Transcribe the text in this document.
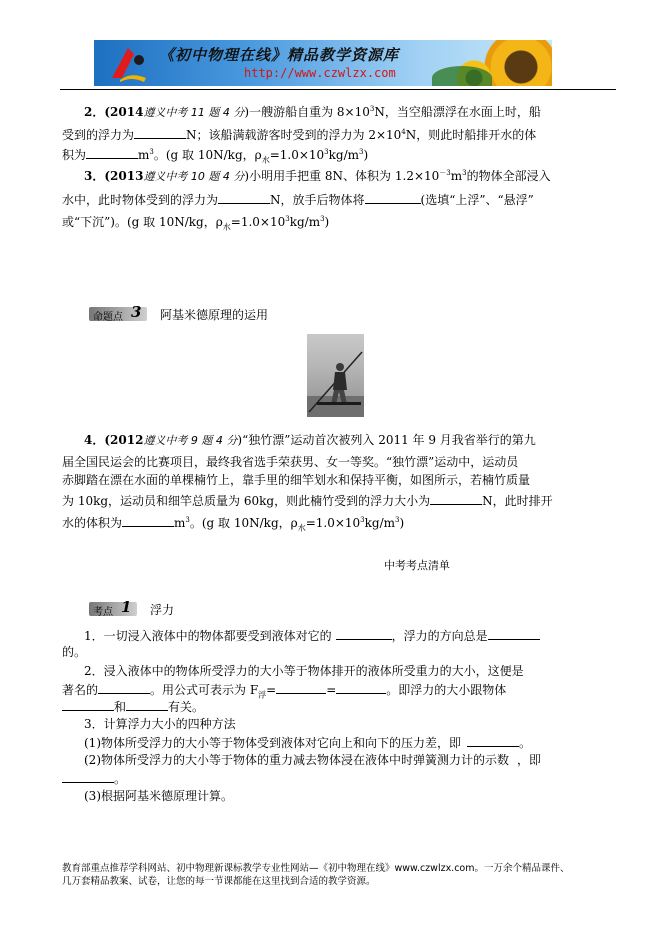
《初中物理在线》精品教学资源库
http://www.czwlzx.com
2．(2014遵义中考 11 题 4 分)一艘游船自重为 $8\times 10^3N$，当空船漂浮在水面上时，船
受到的浮力为	N；该船满载游客时受到的浮力为 $2\times 10^4N$，则此时船排开水的体
积为	$m^3$。(g 取 10N/kg，$\rho_水=1.0\times 10^3kg/m^3$)
3．(2013遵义中考 10 题 4 分)小明用手把重 8N、体积为 $1.2\times 10^{-3}m^3$的物体全部浸入
水中，此时物体受到的浮力为	N，放手后物体将	(选填“上浮”、“悬浮”
或“下沉”)。(g 取 10N/kg，$\rho_水=1.0\times 10^3kg/m^3$)
命题点 3 阿基米德原理的运用
4．(2012遵义中考 9 题 4 分)“独竹漂”运动首次被列入 2011 年 9 月我省举行的第九
届全国民运会的比赛项目，最终我省选手荣获男、女一等奖。“独竹漂”运动中，运动员
赤脚踏在漂在水面的单棵楠竹上，靠手里的细竿划水和保持平衡，如图所示，若楠竹质量
为 10kg，运动员和细竿总质量为 60kg，则此楠竹受到的浮力大小为	N，此时排开
水的体积为	$m^3$。(g 取 10N/kg，$\rho_水=1.0\times 10^3kg/m^3$)
中考考点清单
考点 1 浮力
1．一切浸入液体中的物体都要受到液体对它的	，浮力的方向总是
的。
2．浸入液体中的物体所受浮力的大小等于物体排开的液体所受重力的大小，这便是
著名的	。用公式可表示为 $F_浮=$	=	。即浮力的大小跟物体
和	有关。
3．计算浮力大小的四种方法
(1)物体所受浮力的大小等于物体受到液体对它向上和向下的压力差，即	。
(2)物体所受浮力的大小等于物体的重力减去物体浸在液体中时弹簧测力计的示数 ，即
。
(3)根据阿基米德原理计算。
教育部重点推荐学科网站、初中物理新课标教学专业性网站—《初中物理在线》www.czwlzx.com。一万余个精品课件、
几万套精品教案、试卷，让您的每一节课都能在这里找到合适的教学资源。
